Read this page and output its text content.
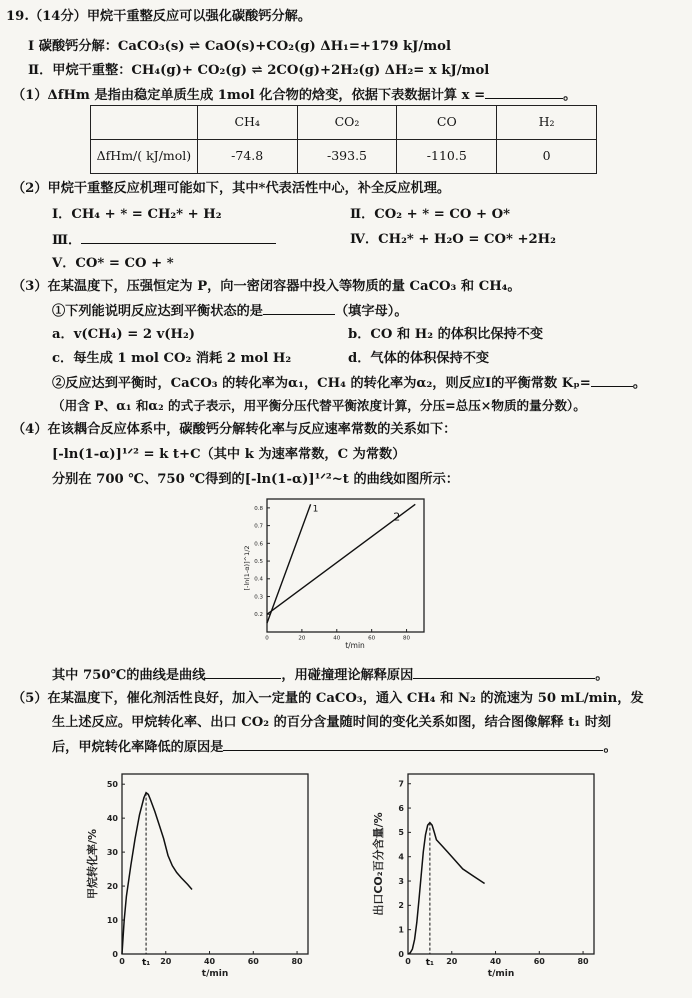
19.（14分）甲烷干重整反应可以强化碳酸钙分解。
Ⅰ 碳酸钙分解：CaCO₃(s) ⇌ CaO(s)+CO₂(g) ΔH₁=+179 kJ/mol
Ⅱ．甲烷干重整：CH₄(g)+ CO₂(g) ⇌ 2CO(g)+2H₂(g) ΔH₂= x kJ/mol
（1）ΔfHm 是指由稳定单质生成 1mol 化合物的焓变，依据下表数据计算 x =	。
	CH₄	CO₂	CO	H₂
ΔfHm/( kJ/mol)	-74.8	-393.5	-110.5	0
（2）甲烷干重整反应机理可能如下，其中*代表活性中心，补全反应机理。
Ⅰ．CH₄ + * = CH₂* + H₂	Ⅱ．CO₂ + * = CO + O*
Ⅲ．	Ⅳ．CH₂* + H₂O = CO* +2H₂
Ⅴ．CO* = CO + *
（3）在某温度下，压强恒定为 P，向一密闭容器中投入等物质的量 CaCO₃ 和 CH₄。
①下列能说明反应达到平衡状态的是	（填字母）。
a．v(CH₄) = 2 v(H₂)	b．CO 和 H₂ 的体积比保持不变
c．每生成 1 mol CO₂ 消耗 2 mol H₂	d．气体的体积保持不变
②反应达到平衡时，CaCO₃ 的转化率为α₁，CH₄ 的转化率为α₂，则反应Ⅰ的平衡常数 Kₚ=	。
（用含 P、α₁ 和α₂ 的式子表示，用平衡分压代替平衡浓度计算，分压=总压×物质的量分数）。
（4）在该耦合反应体系中，碳酸钙分解转化率与反应速率常数的关系如下：
[-ln(1-α)]¹ᐟ² = k t+C（其中 k 为速率常数，C 为常数）
分别在 700 ℃、750 ℃得到的[-ln(1-α)]¹ᐟ²~t 的曲线如图所示：
0.2
0.3
0.4
0.5
0.6
0.7
0.8
0	20	40	60	80
[-ln(1-α)]^1/2
t/min
1
2
其中 750℃的曲线是曲线	，用碰撞理论解释原因	。
（5）在某温度下，催化剂活性良好，加入一定量的 CaCO₃，通入 CH₄ 和 N₂ 的流速为 50 mL/min，发
生上述反应。甲烷转化率、出口 CO₂ 的百分含量随时间的变化关系如图，结合图像解释 t₁ 时刻
后，甲烷转化率降低的原因是	。
0
10
20
30
40
50
0	20	40	60	80
甲烷转化率/%
t/min
t₁
0
1
2
3
4
5
6
7
0	20	40	60	80
出口CO₂百分含量/%
t/min
t₁
